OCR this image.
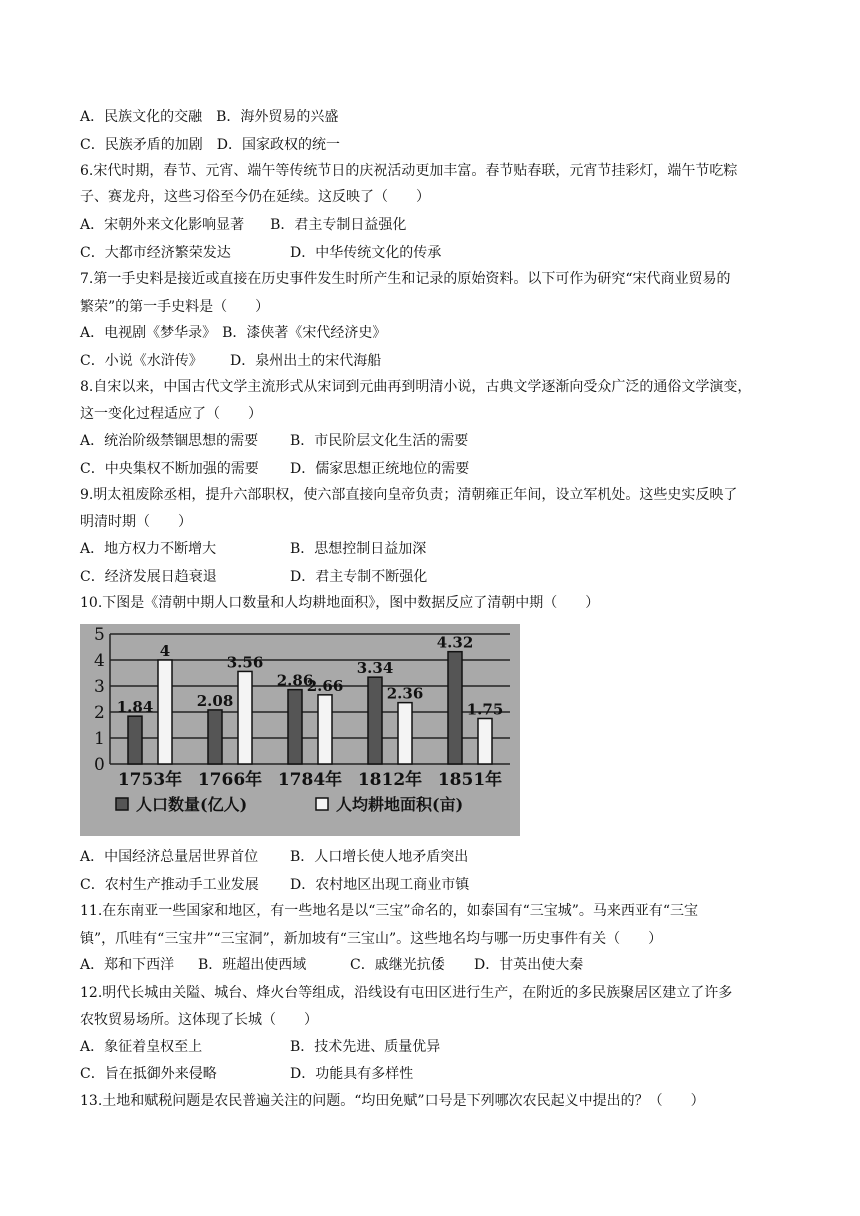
A．民族文化的交融 B．海外贸易的兴盛
C．民族矛盾的加剧 D．国家政权的统一
6.宋代时期，春节、元宵、端午等传统节日的庆祝活动更加丰富。春节贴春联，元宵节挂彩灯，端午节吃粽
子、赛龙舟，这些习俗至今仍在延续。这反映了（　　）
A．宋朝外来文化影响显著 B．君主专制日益强化
C．大都市经济繁荣发达	D．中华传统文化的传承
7.第一手史料是接近或直接在历史事件发生时所产生和记录的原始资料。以下可作为研究“宋代商业贸易的
繁荣”的第一手史料是（　　）
A．电视剧《梦华录》 B．漆侠著《宋代经济史》
C．小说《水浒传》 D．泉州出土的宋代海船
8.自宋以来，中国古代文学主流形式从宋词到元曲再到明清小说，古典文学逐渐向受众广泛的通俗文学演变，
这一变化过程适应了（　　）
A．统治阶级禁锢思想的需要 B．市民阶层文化生活的需要
C．中央集权不断加强的需要 D．儒家思想正统地位的需要
9.明太祖废除丞相，提升六部职权，使六部直接向皇帝负责；清朝雍正年间，设立军机处。这些史实反映了
明清时期（　　）
A．地方权力不断增大	B．思想控制日益加深
C．经济发展日趋衰退	D．君主专制不断强化
10.下图是《清朝中期人口数量和人均耕地面积》，图中数据反应了清朝中期（　　）
0
1
2
3
4
5
1.84
4
1753年
2.08
3.56
1766年
2.86
2.66
1784年
3.34
2.36
1812年
4.32
1.75
1851年
人口数量(亿人)	人均耕地面积(亩)
A．中国经济总量居世界首位 B．人口增长使人地矛盾突出
C．农村生产推动手工业发展 D．农村地区出现工商业市镇
11.在东南亚一些国家和地区，有一些地名是以“三宝”命名的，如泰国有“三宝城”。马来西亚有“三宝
镇”，爪哇有“三宝井”“三宝洞”，新加坡有“三宝山”。这些地名均与哪一历史事件有关（　　）
A．郑和下西洋 B．班超出使西域	C．戚继光抗倭 D．甘英出使大秦
12.明代长城由关隘、城台、烽火台等组成，沿线设有屯田区进行生产，在附近的多民族聚居区建立了许多
农牧贸易场所。这体现了长城（　　）
A．象征着皇权至上	B．技术先进、质量优异
C．旨在抵御外来侵略	D．功能具有多样性
13.土地和赋税问题是农民普遍关注的问题。“均田免赋”口号是下列哪次农民起义中提出的？（　　）
